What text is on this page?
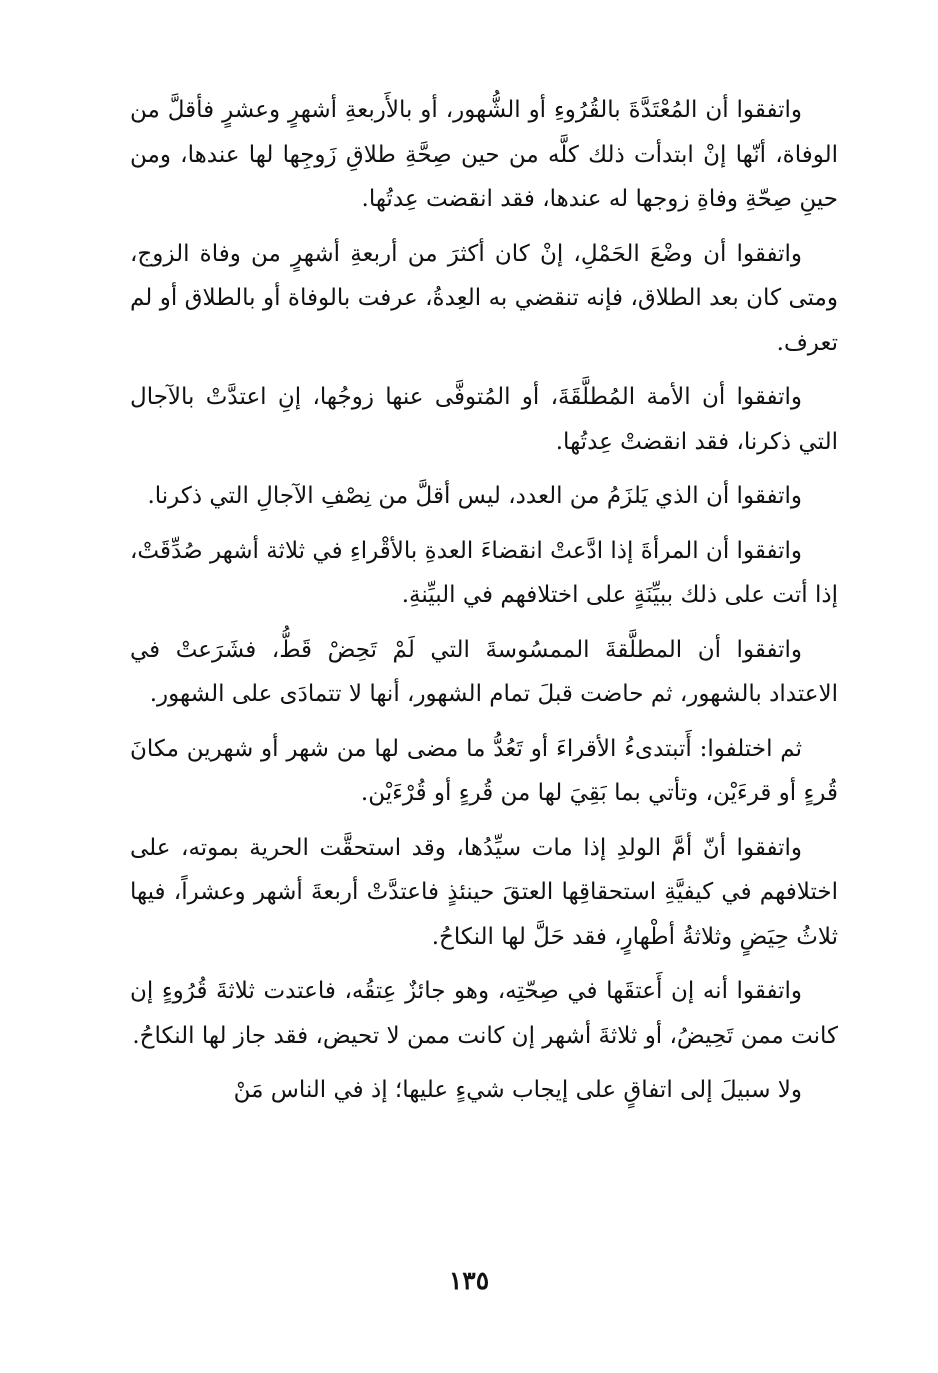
واتفقوا أن المُعْتَدَّةَ بالقُرُوءِ أو الشُّهور، أو بالأَربعةِ أشهرٍ وعشرٍ فأقلَّ من الوفاة، أنّها إنْ ابتدأت ذلك كلَّه من حين صِحَّةِ طلاقِ زَوجِها لها عندها، ومن حينِ صِحّةِ وفاةِ زوجها له عندها، فقد انقضت عِدتُها.

واتفقوا أن وضْعَ الحَمْلِ، إنْ كان أكثرَ من أربعةِ أشهرٍ من وفاة الزوج، ومتى كان بعد الطلاق، فإنه تنقضي به العِدةُ، عرفت بالوفاة أو بالطلاق أو لم تعرف.

واتفقوا أن الأمة المُطلَّقَةَ، أو المُتوفَّى عنها زوجُها، إنِ اعتدَّتْ بالآجال التي ذكرنا، فقد انقضتْ عِدتُها.

واتفقوا أن الذي يَلزَمُ من العدد، ليس أقلَّ من نِصْفِ الآجالِ التي ذكرنا.

واتفقوا أن المرأةَ إذا ادَّعتْ انقضاءَ العدةِ بالأقْراءِ في ثلاثة أشهر صُدِّقَتْ، إذا أتت على ذلك ببيِّنَةٍ على اختلافهم في البيِّنةِ.

واتفقوا أن المطلَّقةَ الممسُوسةَ التي لَمْ تَحِضْ قَطُّ، فشَرَعتْ في الاعتداد بالشهور، ثم حاضت قبلَ تمام الشهور، أنها لا تتمادَى على الشهور.

ثم اختلفوا: أَتبتدىءُ الأقراءَ أو تَعُدُّ ما مضى لها من شهر أو شهرين مكانَ قُرءٍ أو قرءَيْن، وتأتي بما بَقِيَ لها من قُرءٍ أو قُرْءَيْن.

واتفقوا أنّ أمَّ الولدِ إذا مات سيِّدُها، وقد استحقَّت الحرية بموته، على اختلافهم في كيفيَّةِ استحقاقِها العتقَ حينئذٍ فاعتدَّتْ أربعةَ أشهر وعشراً، فيها ثلاثُ حِيَضٍ وثلاثةُ أطْهارٍ، فقد حَلَّ لها النكاحُ.

واتفقوا أنه إن أَعتقَها في صِحّتِه، وهو جائزٌ عِتقُه، فاعتدت ثلاثةَ قُرُوءٍ إن كانت ممن تَحِيضُ، أو ثلاثةَ أشهر إن كانت ممن لا تحيض، فقد جاز لها النكاحُ.

ولا سبيلَ إلى اتفاقٍ على إيجاب شيءٍ عليها؛ إذ في الناس مَنْ

١٣٥
